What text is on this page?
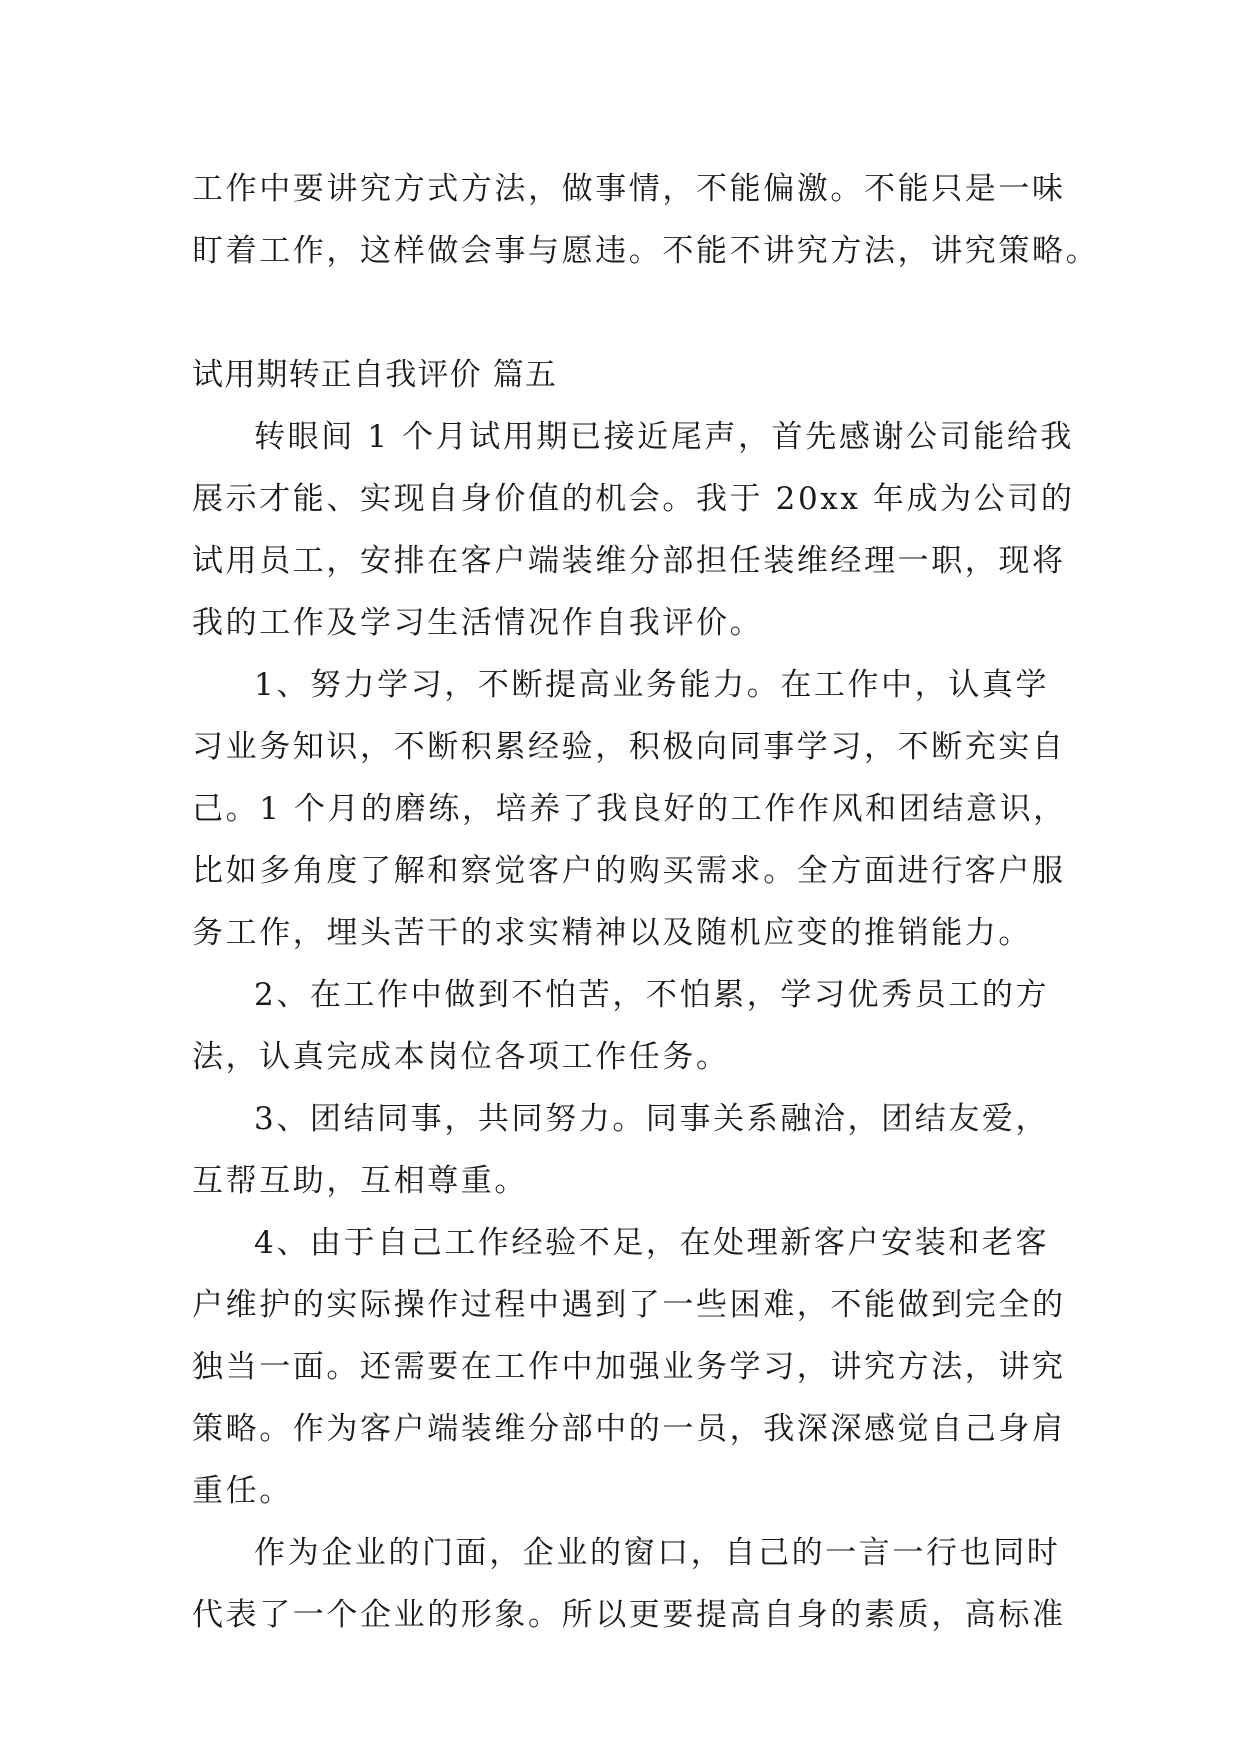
工作中要讲究方式方法，做事情，不能偏激。不能只是一味
盯着工作，这样做会事与愿违。不能不讲究方法，讲究策略。
试用期转正自我评价 篇五
转眼间 1 个月试用期已接近尾声，首先感谢公司能给我
展示才能、实现自身价值的机会。我于 20xx 年成为公司的
试用员工，安排在客户端装维分部担任装维经理一职，现将
我的工作及学习生活情况作自我评价。
1、努力学习，不断提高业务能力。在工作中，认真学
习业务知识，不断积累经验，积极向同事学习，不断充实自
己。1 个月的磨练，培养了我良好的工作作风和团结意识，
比如多角度了解和察觉客户的购买需求。全方面进行客户服
务工作，埋头苦干的求实精神以及随机应变的推销能力。
2、在工作中做到不怕苦，不怕累，学习优秀员工的方
法，认真完成本岗位各项工作任务。
3、团结同事，共同努力。同事关系融洽，团结友爱，
互帮互助，互相尊重。
4、由于自己工作经验不足，在处理新客户安装和老客
户维护的实际操作过程中遇到了一些困难，不能做到完全的
独当一面。还需要在工作中加强业务学习，讲究方法，讲究
策略。作为客户端装维分部中的一员，我深深感觉自己身肩
重任。
作为企业的门面，企业的窗口，自己的一言一行也同时
代表了一个企业的形象。所以更要提高自身的素质，高标准
